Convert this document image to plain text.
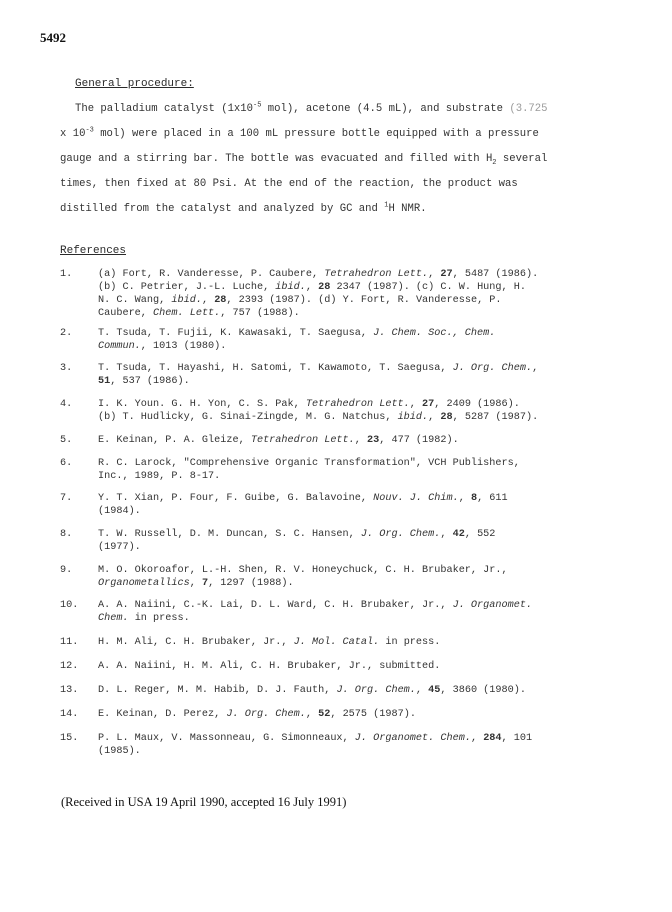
5492
General procedure:
The palladium catalyst ($1x10^{-5}$ mol), acetone (4.5 mL), and substrate (3.725
x $10^{-3}$ mol) were placed in a 100 mL pressure bottle equipped with a pressure
gauge and a stirring bar. The bottle was evacuated and filled with $H_2$ several
times, then fixed at 80 Psi. At the end of the reaction, the product was
distilled from the catalyst and analyzed by GC and $^1$H NMR.
References
1.	(a) Fort, R. Vanderesse, P. Caubere, Tetrahedron Lett., 27, 5487 (1986).
(b) C. Petrier, J.-L. Luche, ibid., 28 2347 (1987). (c) C. W. Hung, H.
N. C. Wang, ibid., 28, 2393 (1987). (d) Y. Fort, R. Vanderesse, P.
Caubere, Chem. Lett., 757 (1988).
2.	T. Tsuda, T. Fujii, K. Kawasaki, T. Saegusa, J. Chem. Soc., Chem.
Commun., 1013 (1980).
3.	T. Tsuda, T. Hayashi, H. Satomi, T. Kawamoto, T. Saegusa, J. Org. Chem.,
51, 537 (1986).
4.	I. K. Youn. G. H. Yon, C. S. Pak, Tetrahedron Lett., 27, 2409 (1986).
(b) T. Hudlicky, G. Sinai-Zingde, M. G. Natchus, ibid., 28, 5287 (1987).
5.	E. Keinan, P. A. Gleize, Tetrahedron Lett., 23, 477 (1982).
6.	R. C. Larock, "Comprehensive Organic Transformation", VCH Publishers,
Inc., 1989, P. 8-17.
7.	Y. T. Xian, P. Four, F. Guibe, G. Balavoine, Nouv. J. Chim., 8, 611
(1984).
8.	T. W. Russell, D. M. Duncan, S. C. Hansen, J. Org. Chem., 42, 552
(1977).
9.	M. O. Okoroafor, L.-H. Shen, R. V. Honeychuck, C. H. Brubaker, Jr.,
Organometallics, 7, 1297 (1988).
10.	A. A. Naiini, C.-K. Lai, D. L. Ward, C. H. Brubaker, Jr., J. Organomet.
Chem. in press.
11.	H. M. Ali, C. H. Brubaker, Jr., J. Mol. Catal. in press.
12.	A. A. Naiini, H. M. Ali, C. H. Brubaker, Jr., submitted.
13.	D. L. Reger, M. M. Habib, D. J. Fauth, J. Org. Chem., 45, 3860 (1980).
14.	E. Keinan, D. Perez, J. Org. Chem., 52, 2575 (1987).
15.	P. L. Maux, V. Massonneau, G. Simonneaux, J. Organomet. Chem., 284, 101
(1985).
(Received in USA 19 April 1990, accepted 16 July 1991)
